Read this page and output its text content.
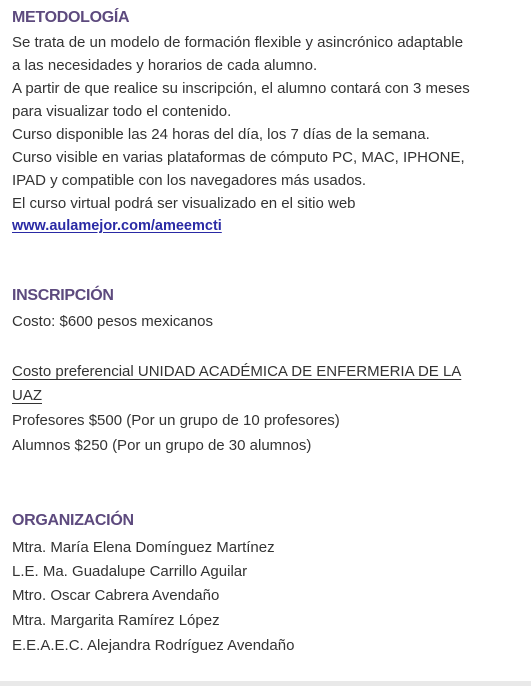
METODOLOGÍA

Se trata de un modelo de formación flexible y asincrónico adaptable

a las necesidades y horarios de cada alumno.

A partir de que realice su inscripción, el alumno contará con 3 meses

para visualizar todo el contenido.

Curso disponible las 24 horas del día, los 7 días de la semana.

Curso visible en varias plataformas de cómputo PC, MAC, IPHONE,

IPAD y compatible con los navegadores más usados.

El curso virtual podrá ser visualizado en el sitio web

www.aulamejor.com/ameemcti
INSCRIPCIÓN

Costo: $600 pesos mexicanos

Costo preferencial UNIDAD ACADÉMICA DE ENFERMERIA DE LA

UAZ

Profesores $500 (Por un grupo de 10 profesores)

Alumnos $250 (Por un grupo de 30 alumnos)

ORGANIZACIÓN

Mtra. María Elena Domínguez Martínez

L.E. Ma. Guadalupe Carrillo Aguilar

Mtro. Oscar Cabrera Avendaño

Mtra. Margarita Ramírez López

E.E.A.E.C. Alejandra Rodríguez Avendaño
